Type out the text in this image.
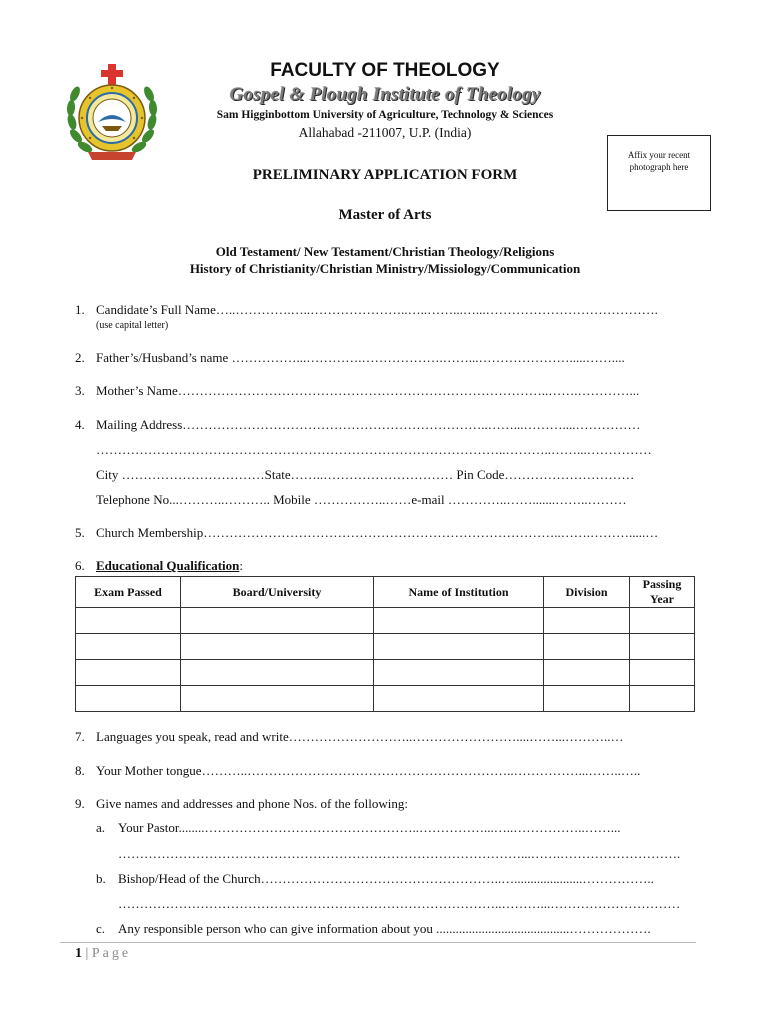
FACULTY OF THEOLOGY
Gospel & Plough Institute of Theology
Sam Higginbottom University of Agriculture, Technology & Sciences
Allahabad -211007, U.P. (India)
Affix your recent
photograph here
PRELIMINARY APPLICATION FORM
Master of Arts
Old Testament/ New Testament/Christian Theology/Religions
History of Christianity/Christian Ministry/Missiology/Communication
1. Candidate’s Full Name…..………….…..…………………..…..……...…...………………………………….
(use capital letter)
2. Father’s/Husband’s name ……………...………….……………….……...………………….....……....
3. Mother’s Name…………………………………………………………………………..…….…………...
4. Mailing Address……………………………………………………………..……...………....……………
…………………………………………………………………………………..………..……...……………
City ……………………………State……..………………………… Pin Code…………………………
Telephone No...………..……….. Mobile ……………..……e-mail …………..…….......……..………
5. Church Membership………………………………………………………………………..…….……….....…
6. Educational Qualification:
Exam Passed	Board/University	Name of Institution	Division	Passing Year

7. Languages you speak, read and write………………………..……………………....……...………..…
8. Your Mother tongue………..……………………………………………………..……………...……..…..
9. Give names and addresses and phone Nos. of the following:
a. Your Pastor........…………………………………………..……………...…..……………..……...
…………………………………………………………………………………...…….……………………….
b. Bishop/Head of the Church………………………………………………..….....................……………..
……………………………………………………………………………..………...…………………………
c. Any responsible person who can give information about you .........................................……………….
1 | Page
